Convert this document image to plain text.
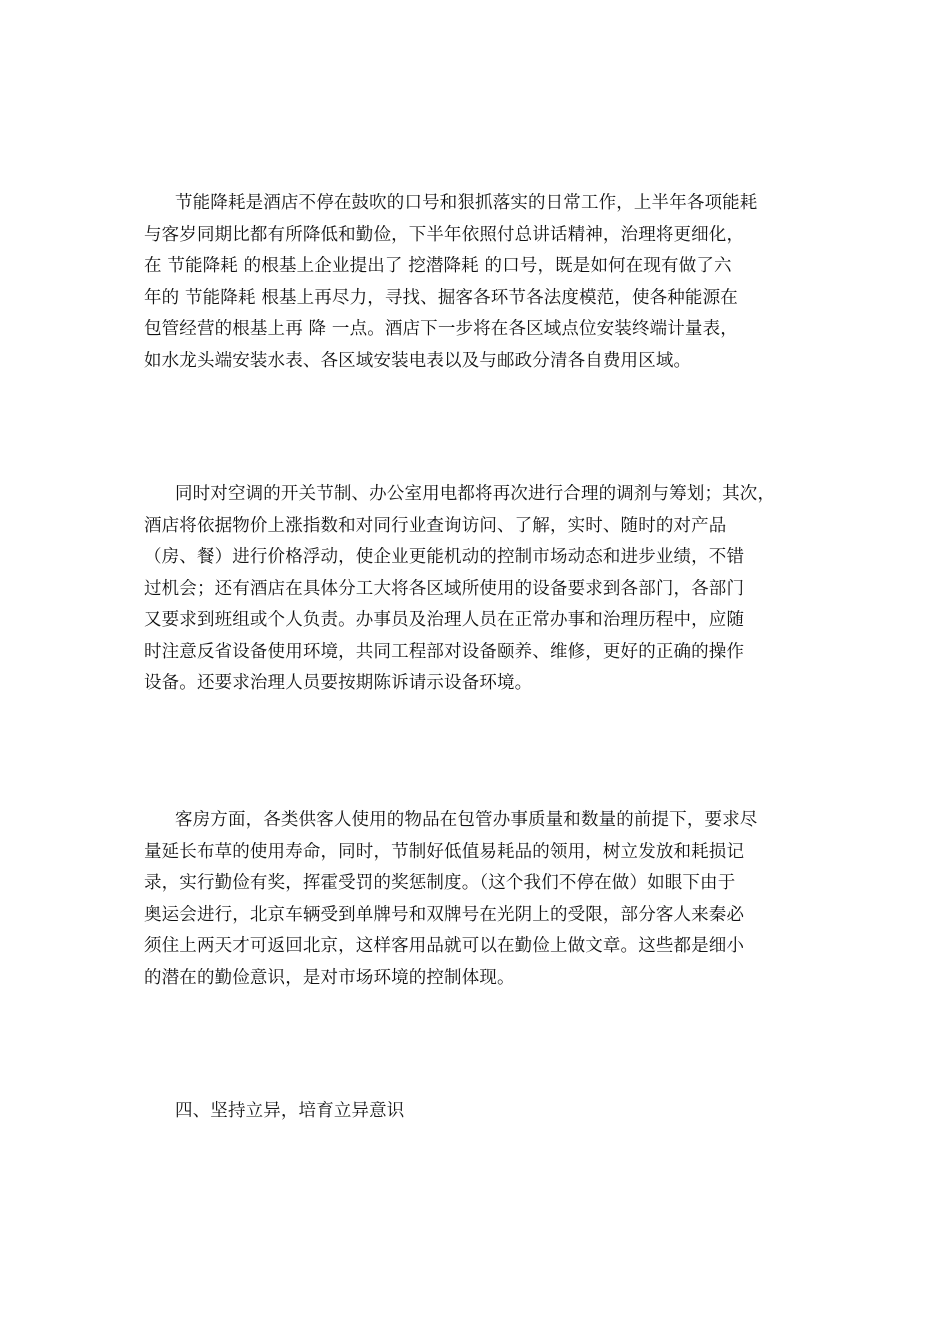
节能降耗是酒店不停在鼓吹的口号和狠抓落实的日常工作，上半年各项能耗
与客岁同期比都有所降低和勤俭，下半年依照付总讲话精神，治理将更细化，
在 节能降耗 的根基上企业提出了 挖潜降耗 的口号，既是如何在现有做了六
年的 节能降耗 根基上再尽力，寻找、掘客各环节各法度模范，使各种能源在
包管经营的根基上再 降 一点。酒店下一步将在各区域点位安装终端计量表，
如水龙头端安装水表、各区域安装电表以及与邮政分清各自费用区域。
同时对空调的开关节制、办公室用电都将再次进行合理的调剂与筹划；其次，
酒店将依据物价上涨指数和对同行业查询访问、了解，实时、随时的对产品
（房、餐）进行价格浮动，使企业更能机动的控制市场动态和进步业绩，不错
过机会；还有酒店在具体分工大将各区域所使用的设备要求到各部门，各部门
又要求到班组或个人负责。办事员及治理人员在正常办事和治理历程中，应随
时注意反省设备使用环境，共同工程部对设备颐养、维修，更好的正确的操作
设备。还要求治理人员要按期陈诉请示设备环境。
客房方面，各类供客人使用的物品在包管办事质量和数量的前提下，要求尽
量延长布草的使用寿命，同时，节制好低值易耗品的领用，树立发放和耗损记
录，实行勤俭有奖，挥霍受罚的奖惩制度。（这个我们不停在做）如眼下由于
奥运会进行，北京车辆受到单牌号和双牌号在光阴上的受限，部分客人来秦必
须住上两天才可返回北京，这样客用品就可以在勤俭上做文章。这些都是细小
的潜在的勤俭意识，是对市场环境的控制体现。
四、坚持立异，培育立异意识
